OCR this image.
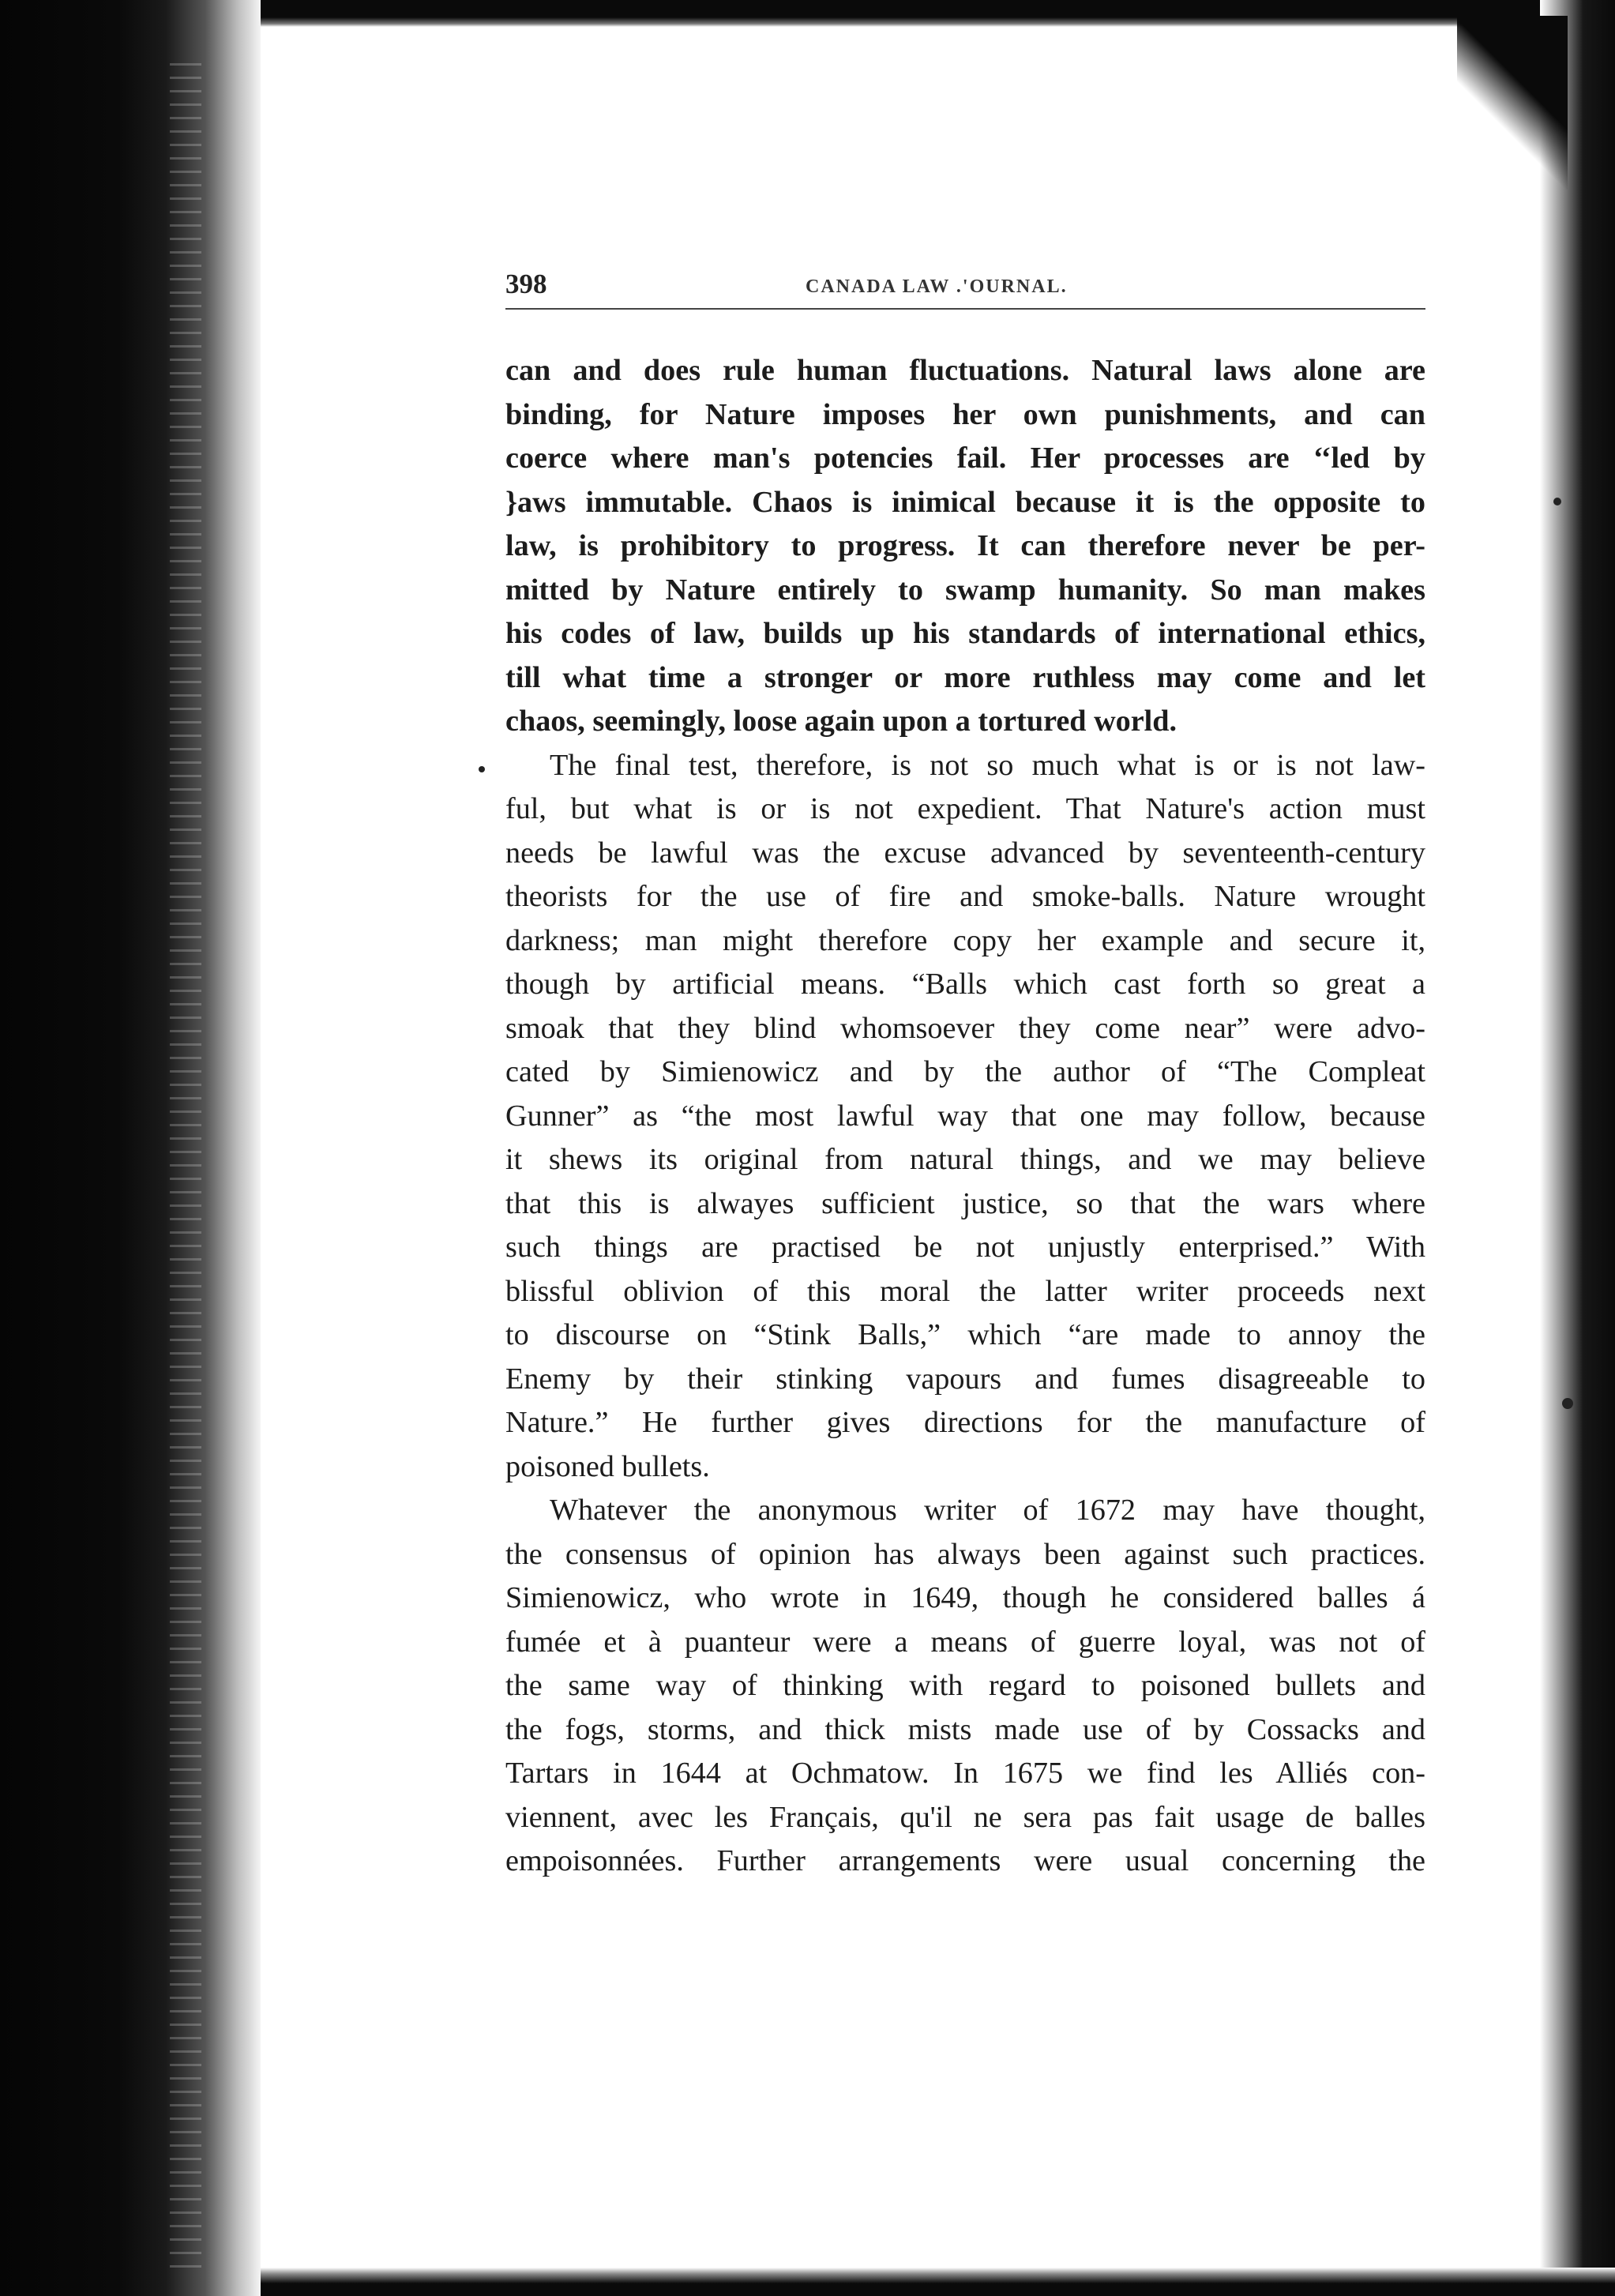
398	CANADA LAW .'OURNAL.

can and does rule human fluctuations. Natural laws alone are
binding, for Nature imposes her own punishments, and can
coerce where man's potencies fail. Her processes are ‘‘led by
}aws immutable. Chaos is inimical because it is the opposite to
law, is prohibitory to progress. It can therefore never be per-
mitted by Nature entirely to swamp humanity. So man makes
his codes of law, builds up his standards of international ethics,
till what time a stronger or more ruthless may come and let
chaos, seemingly, loose again upon a tortured world.

The final test, therefore, is not so much what is or is not law-
ful, but what is or is not expedient. That Nature's action must
needs be lawful was the excuse advanced by seventeenth-century
theorists for the use of fire and smoke-balls. Nature wrought
darkness; man might therefore copy her example and secure it,
though by artificial means. “Balls which cast forth so great a
smoak that they blind whomsoever they come near” were advo-
cated by Simienowicz and by the author of “The Compleat
Gunner” as “the most lawful way that one may follow, because
it shews its original from natural things, and we may believe
that this is alwayes sufficient justice, so that the wars where
such things are practised be not unjustly enterprised.” With
blissful oblivion of this moral the latter writer proceeds next
to discourse on “Stink Balls,” which “are made to annoy the
Enemy by their stinking vapours and fumes disagreeable to
Nature.” He further gives directions for the manufacture of
poisoned bullets.

Whatever the anonymous writer of 1672 may have thought,
the consensus of opinion has always been against such practices.
Simienowicz, who wrote in 1649, though he considered balles á
fumée et à puanteur were a means of guerre loyal, was not of
the same way of thinking with regard to poisoned bullets and
the fogs, storms, and thick mists made use of by Cossacks and
Tartars in 1644 at Ochmatow. In 1675 we find les Alliés con-
viennent, avec les Français, qu'il ne sera pas fait usage de balles
empoisonnées. Further arrangements were usual concerning the
